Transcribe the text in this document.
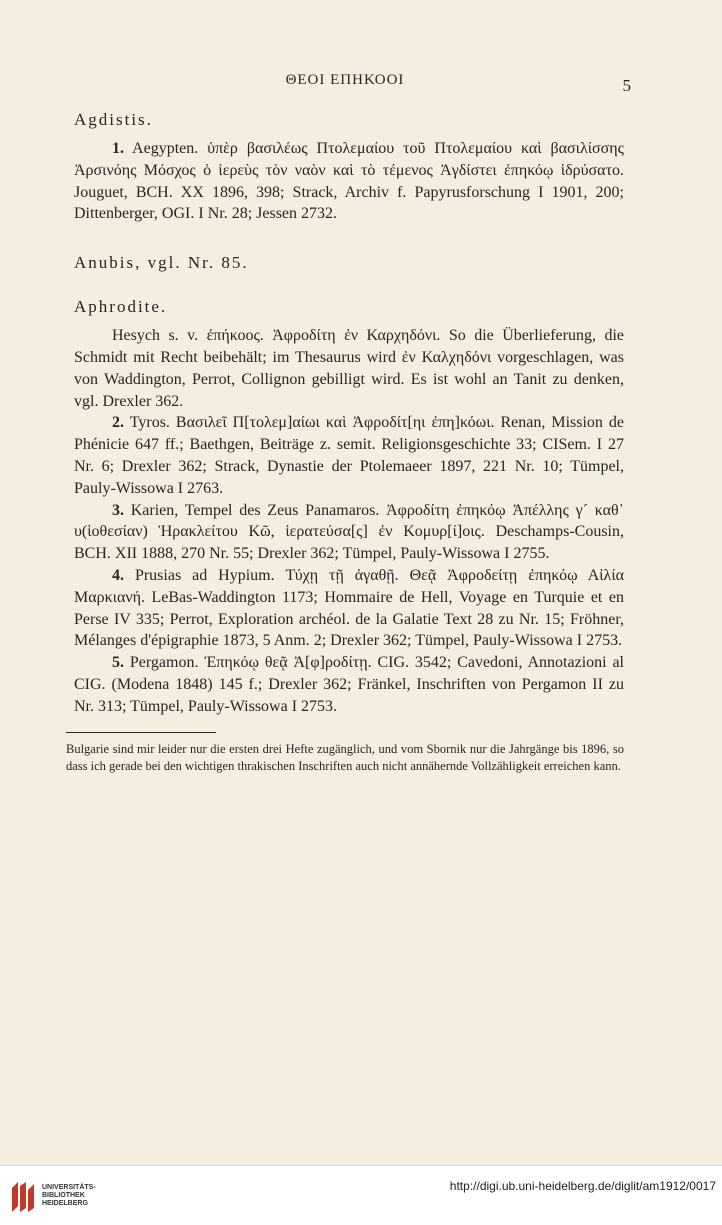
ΘΕΟΙ ΕΠΗΚΟΟΙ	5
Agdistis.

1. Aegypten. ὑπὲρ βασιλέως Πτολεμαίου τοῦ Πτολεμαίου καὶ βασιλίσσης Ἀρσινόης Μόσχος ὁ ἱερεὺς τὸν ναὸν καὶ τὸ τέμενος Ἀγδίστει ἐπηκόῳ ἱδρύσατο. Jouguet, BCH. XX 1896, 398; Strack, Archiv f. Papyrusforschung I 1901, 200; Dittenberger, OGI. I Nr. 28; Jessen 2732.

Anubis, vgl. Nr. 85.
Aphrodite.

Hesych s. v. ἐπήκοος. Ἀφροδίτη ἐν Καρχηδόνι. So die Überlieferung, die Schmidt mit Recht beibehält; im Thesaurus wird ἐν Καλχηδόνι vorgeschlagen, was von Waddington, Perrot, Collignon gebilligt wird. Es ist wohl an Tanit zu denken, vgl. Drexler 362.

2. Tyros. Βασιλεῖ Π[τολεμ]αίωι καὶ Ἀφροδίτ[ηι ἐπη]κόωι. Renan, Mission de Phénicie 647 ff.; Baethgen, Beiträge z. semit. Religionsgeschichte 33; CISem. I 27 Nr. 6; Drexler 362; Strack, Dynastie der Ptolemaeer 1897, 221 Nr. 10; Tümpel, Pauly-Wissowa I 2763.

3. Karien, Tempel des Zeus Panamaros. Ἀφροδίτη ἐπηκόῳ Ἀπέλλης γ´ καθ᾽ υ(ἱοθεσίαν) Ἡρακλείτου Κῶ, ἱερατεύσα[ς] ἐν Κομυρ[ί]οις. Deschamps-Cousin, BCH. XII 1888, 270 Nr. 55; Drexler 362; Tümpel, Pauly-Wissowa I 2755.

4. Prusias ad Hypium. Τύχῃ τῇ ἀγαθῇ. Θεᾷ Ἀφροδείτῃ ἐπηκόῳ Αἰλία Μαρκιανή. LeBas-Waddington 1173; Hommaire de Hell, Voyage en Turquie et en Perse IV 335; Perrot, Exploration archéol. de la Galatie Text 28 zu Nr. 15; Fröhner, Mélanges d'épigraphie 1873, 5 Anm. 2; Drexler 362; Tümpel, Pauly-Wissowa I 2753.

5. Pergamon. Ἐπηκόῳ θεᾷ Ἀ[φ]ροδίτῃ. CIG. 3542; Cavedoni, Annotazioni al CIG. (Modena 1848) 145 f.; Drexler 362; Fränkel, Inschriften von Pergamon II zu Nr. 313; Tümpel, Pauly-Wissowa I 2753.

Bulgarie sind mir leider nur die ersten drei Hefte zugänglich, und vom Sbornik nur die Jahrgänge bis 1896, so dass ich gerade bei den wichtigen thrakischen Inschriften auch nicht annähernde Vollzähligkeit erreichen kann.

UNIVERSITÄTS-
BIBLIOTHEK
HEIDELBERG
http://digi.ub.uni-heidelberg.de/diglit/am1912/0017
